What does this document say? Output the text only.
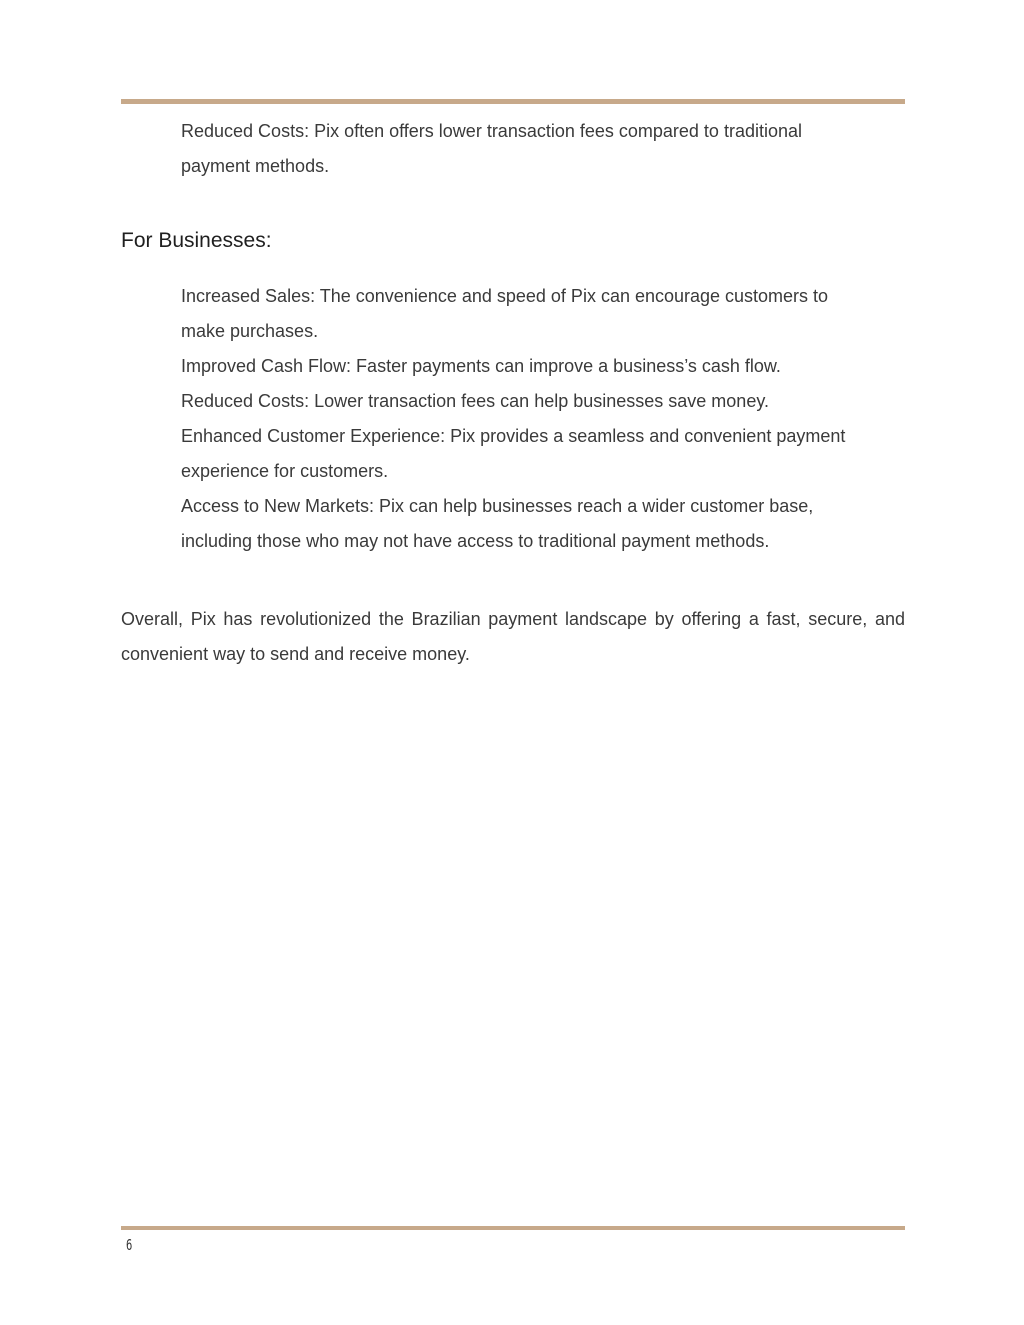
Reduced Costs: Pix often offers lower transaction fees compared to traditional payment methods.

For Businesses:

Increased Sales: The convenience and speed of Pix can encourage customers to make purchases.

Improved Cash Flow: Faster payments can improve a business’s cash flow.

Reduced Costs: Lower transaction fees can help businesses save money.

Enhanced Customer Experience: Pix provides a seamless and convenient payment experience for customers.

Access to New Markets: Pix can help businesses reach a wider customer base, including those who may not have access to traditional payment methods.

Overall, Pix has revolutionized the Brazilian payment landscape by offering a fast, secure, and convenient way to send and receive money.

6
